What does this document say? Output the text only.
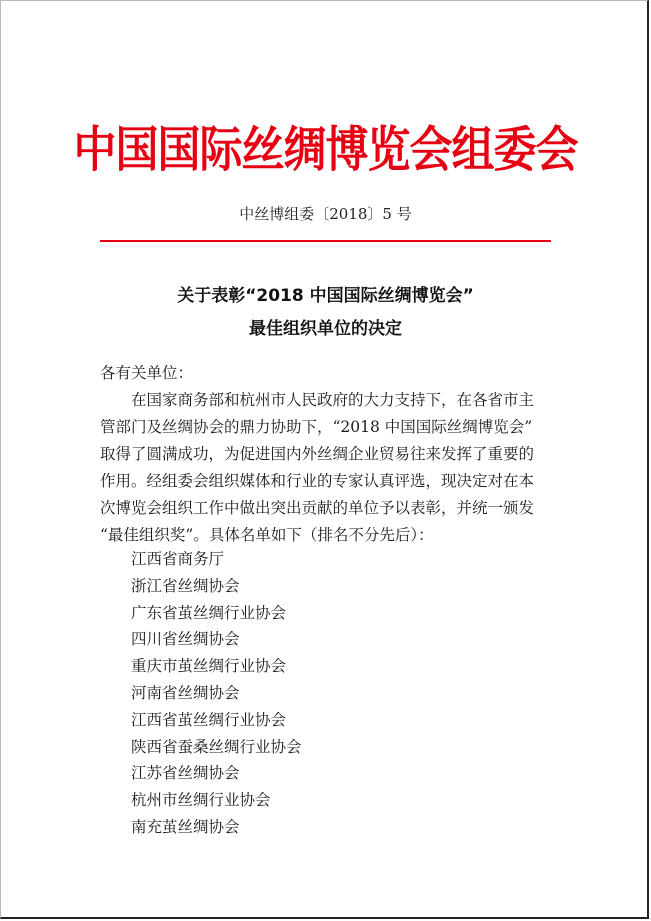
中国国际丝绸博览会组委会
中丝博组委〔2018〕5 号
关于表彰“2018 中国国际丝绸博览会”
最佳组织单位的决定
各有关单位：
在国家商务部和杭州市人民政府的大力支持下，在各省市主
管部门及丝绸协会的鼎力协助下，“2018 中国国际丝绸博览会”
取得了圆满成功，为促进国内外丝绸企业贸易往来发挥了重要的
作用。经组委会组织媒体和行业的专家认真评选，现决定对在本
次博览会组织工作中做出突出贡献的单位予以表彰，并统一颁发
“最佳组织奖”。具体名单如下（排名不分先后）：
江西省商务厅
浙江省丝绸协会
广东省茧丝绸行业协会
四川省丝绸协会
重庆市茧丝绸行业协会
河南省丝绸协会
江西省茧丝绸行业协会
陕西省蚕桑丝绸行业协会
江苏省丝绸协会
杭州市丝绸行业协会
南充茧丝绸协会
